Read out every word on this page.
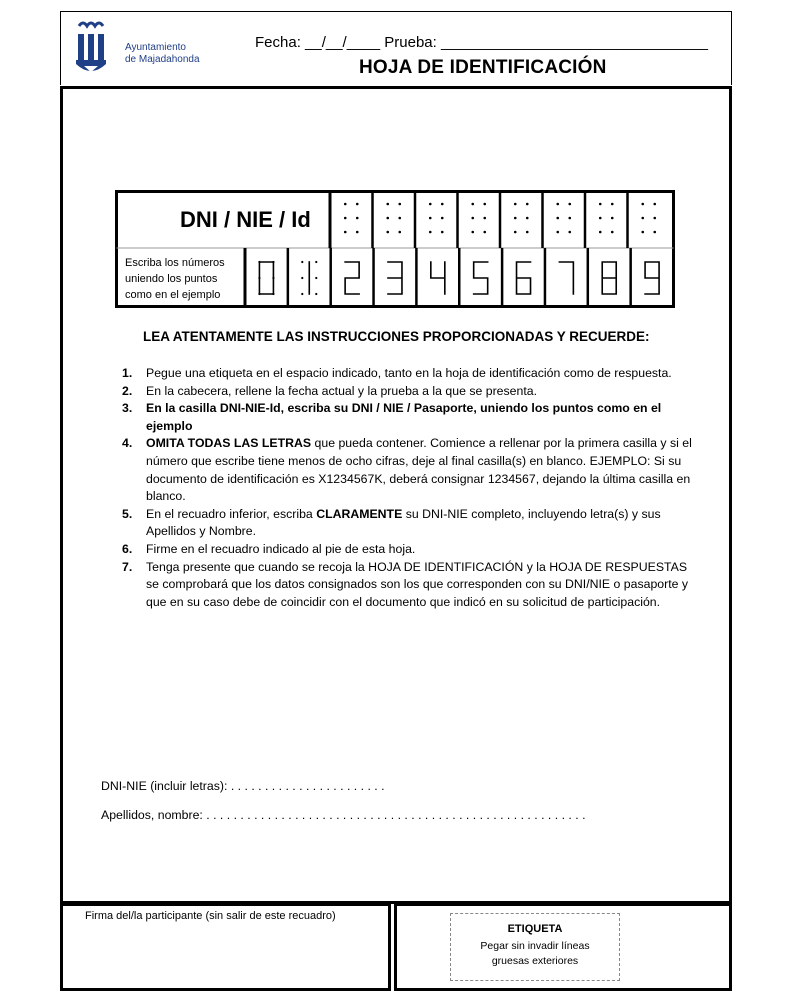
Ayuntamiento
de Majadahonda
Fecha: __/__/____ Prueba: ________________________________
HOJA DE IDENTIFICACIÓN
DNI / NIE / Id
Escriba los números uniendo los puntos como en el ejemplo
LEA ATENTAMENTE LAS INSTRUCCIONES PROPORCIONADAS Y RECUERDE:
1. Pegue una etiqueta en el espacio indicado, tanto en la hoja de identificación como de respuesta.
2. En la cabecera, rellene la fecha actual y la prueba a la que se presenta.
3. En la casilla DNI-NIE-Id, escriba su DNI / NIE / Pasaporte, uniendo los puntos como en el ejemplo
4. OMITA TODAS LAS LETRAS que pueda contener. Comience a rellenar por la primera casilla y si el número que escribe tiene menos de ocho cifras, deje al final casilla(s) en blanco. EJEMPLO: Si su documento de identificación es X1234567K, deberá consignar 1234567, dejando la última casilla en blanco.
5. En el recuadro inferior, escriba CLARAMENTE su DNI-NIE completo, incluyendo letra(s) y sus Apellidos y Nombre.
6. Firme en el recuadro indicado al pie de esta hoja.
7. Tenga presente que cuando se recoja la HOJA DE IDENTIFICACIÓN y la HOJA DE RESPUESTAS se comprobará que los datos consignados son los que corresponden con su DNI/NIE o pasaporte y que en su caso debe de coincidir con el documento que indicó en su solicitud de participación.
DNI-NIE (incluir letras): . . . . . . . . . . . . . . . . . . . . . . .
Apellidos, nombre: . . . . . . . . . . . . . . . . . . . . . . . . . . . . . . . . . . . . . . . . . . . . . . . . . . . . . . . .
Firma del/la participante (sin salir de este recuadro)
ETIQUETA
Pegar sin invadir líneas gruesas exteriores
